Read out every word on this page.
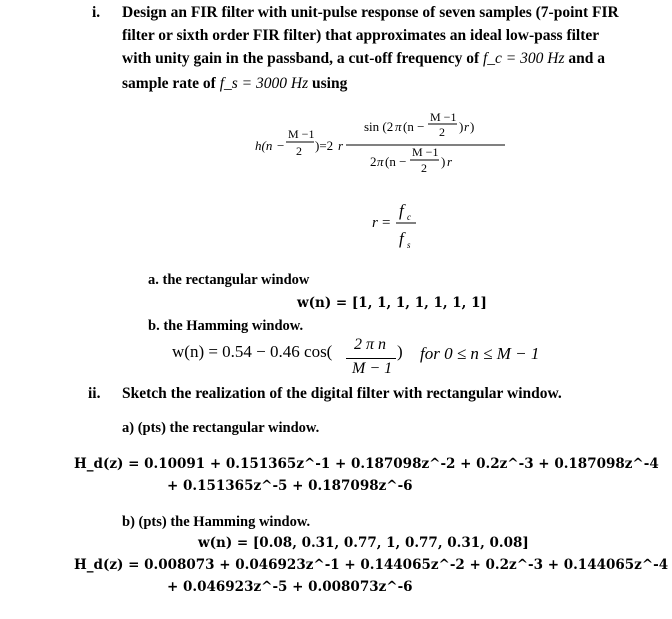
i. Design an FIR filter with unit-pulse response of seven samples (7-point FIR
filter or sixth order FIR filter) that approximates an ideal low-pass filter
with unity gain in the passband, a cut-off frequency of f_c = 300 Hz and a
sample rate of f_s = 3000 Hz using
h(n −
M −1
2 )=2 r
sin (2 π (n −
M −1
2 ) r )
2 π (n −
M −1
2 ) r
r =
f c
f s
a. the rectangular window
w(n) = [1, 1, 1, 1, 1, 1, 1]
b. the Hamming window.
w(n) = 0.54 − 0.46 cos( 2 π n
M − 1
) for 0 ≤ n ≤ M − 1
ii. Sketch the realization of the digital filter with rectangular window.
a) (pts) the rectangular window.
H_d(z) = 0.10091 + 0.151365z^-1 + 0.187098z^-2 + 0.2z^-3 + 0.187098z^-4
+ 0.151365z^-5 + 0.187098z^-6
b) (pts) the Hamming window.
w(n) = [0.08, 0.31, 0.77, 1, 0.77, 0.31, 0.08]
H_d(z) = 0.008073 + 0.046923z^-1 + 0.144065z^-2 + 0.2z^-3 + 0.144065z^-4
+ 0.046923z^-5 + 0.008073z^-6
